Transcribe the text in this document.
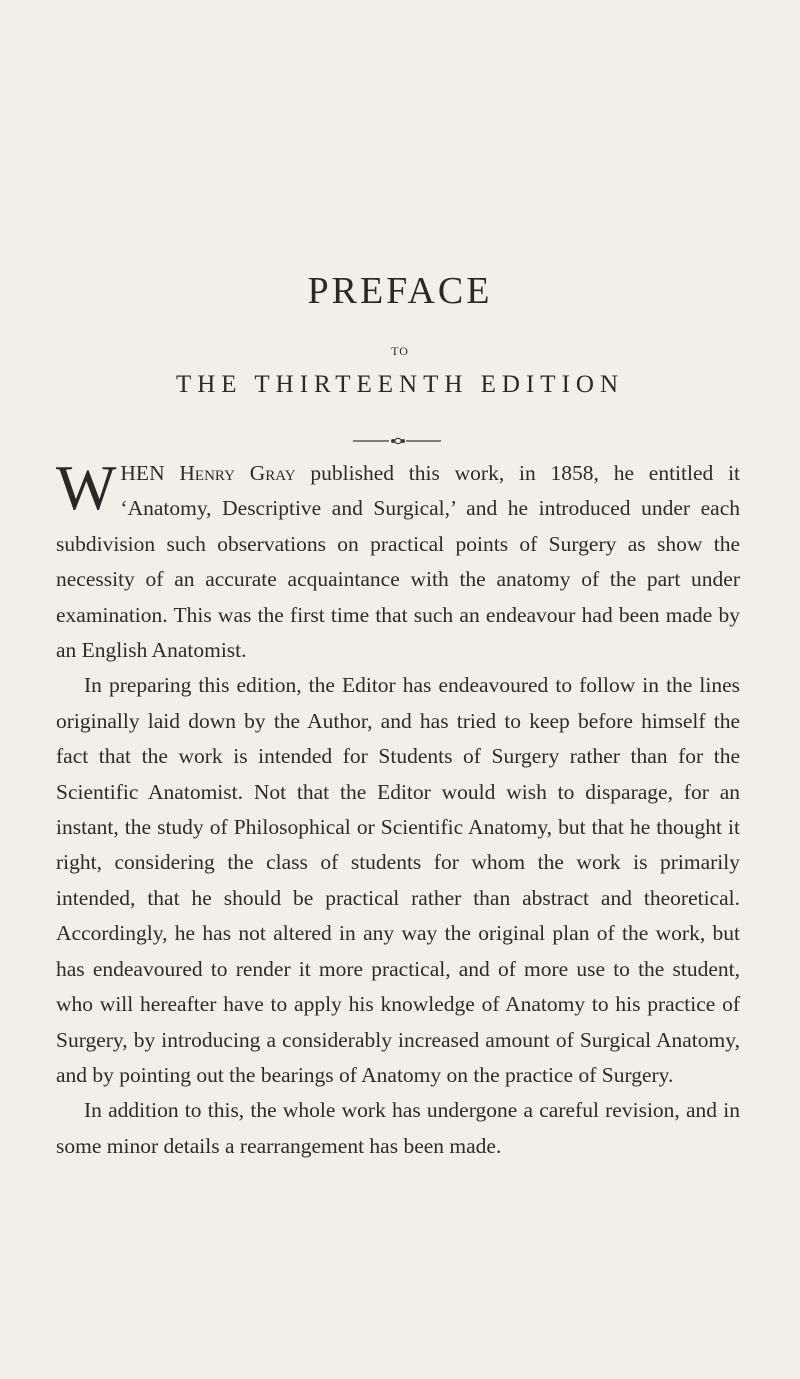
PREFACE
TO
THE THIRTEENTH EDITION

WHEN Henry Gray published this work, in 1858, he entitled it ‘Anatomy, Descriptive and Surgical,’ and he introduced under each subdivision such observations on practical points of Surgery as show the necessity of an accurate acquaintance with the anatomy of the part under examination. This was the first time that such an endeavour had been made by an English Anatomist.

In preparing this edition, the Editor has endeavoured to follow in the lines originally laid down by the Author, and has tried to keep before himself the fact that the work is intended for Students of Surgery rather than for the Scientific Anatomist. Not that the Editor would wish to disparage, for an instant, the study of Philosophical or Scientific Anatomy, but that he thought it right, considering the class of students for whom the work is primarily intended, that he should be practical rather than abstract and theoretical. Accordingly, he has not altered in any way the original plan of the work, but has endeavoured to render it more practical, and of more use to the student, who will hereafter have to apply his knowledge of Anatomy to his practice of Surgery, by introducing a considerably increased amount of Surgical Anatomy, and by pointing out the bearings of Anatomy on the practice of Surgery.

In addition to this, the whole work has undergone a careful revision, and in some minor details a rearrangement has been made.
